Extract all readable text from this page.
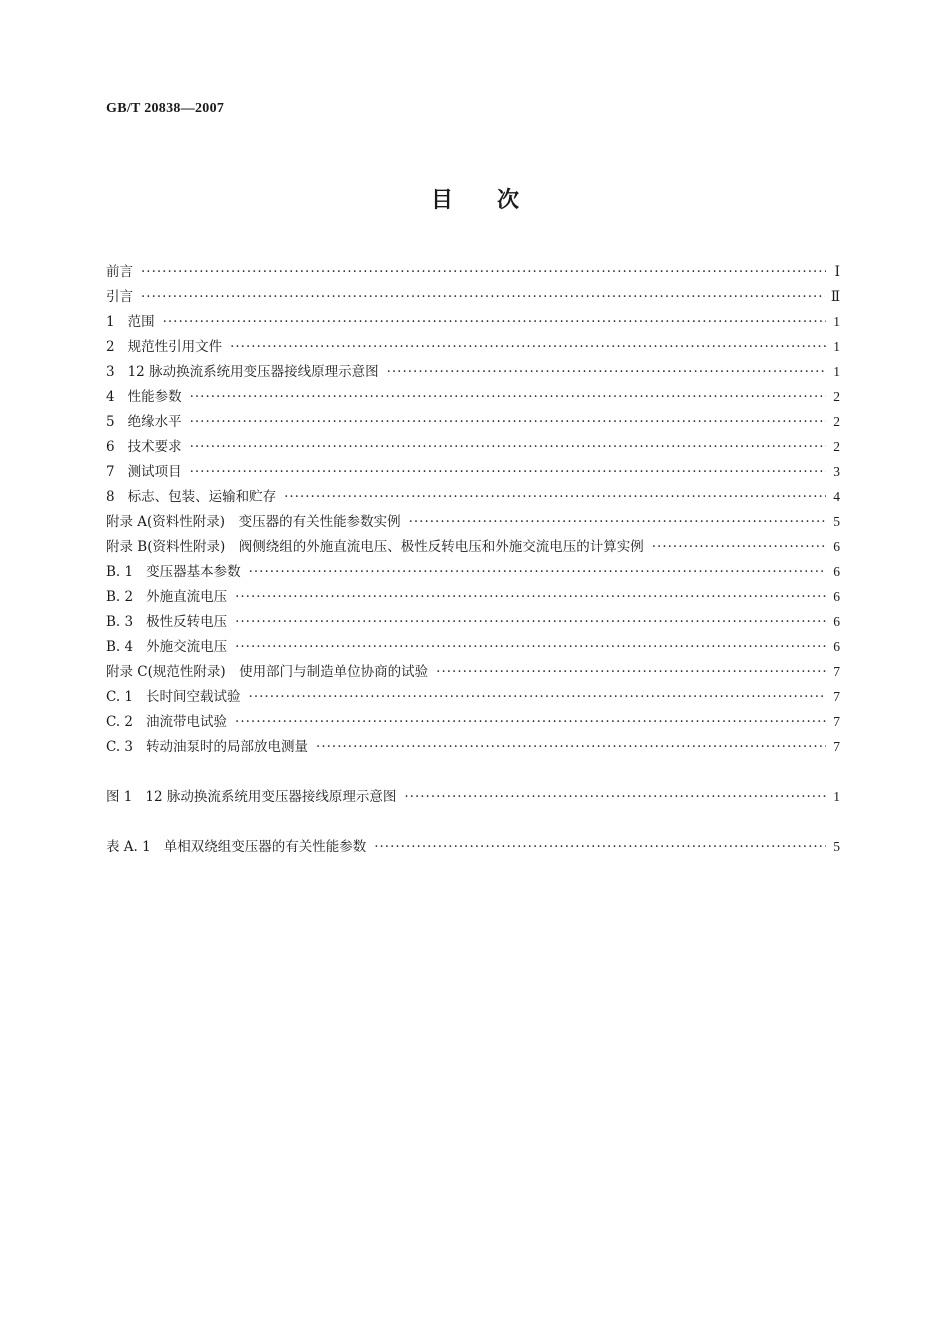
GB/T 20838—2007
目　　次
前言 ·····	Ⅰ
引言 ·····	Ⅱ
1 范围 ·····	1
2 规范性引用文件 ·····	1
3 12 脉动换流系统用变压器接线原理示意图 ·····	1
4 性能参数 ·····	2
5 绝缘水平 ·····	2
6 技术要求 ·····	2
7 测试项目 ·····	3
8 标志、包装、运输和贮存 ·····	4
附录 A(资料性附录)　变压器的有关性能参数实例 ·····	5
附录 B(资料性附录)　阀侧绕组的外施直流电压、极性反转电压和外施交流电压的计算实例 ·····	6
B. 1 变压器基本参数 ·····	6
B. 2 外施直流电压 ·····	6
B. 3 极性反转电压 ·····	6
B. 4 外施交流电压 ·····	6
附录 C(规范性附录)　使用部门与制造单位协商的试验 ·····	7
C. 1 长时间空载试验 ·····	7
C. 2 油流带电试验 ·····	7
C. 3 转动油泵时的局部放电测量 ·····	7
图 1 12 脉动换流系统用变压器接线原理示意图 ·····	1
表 A. 1 单相双绕组变压器的有关性能参数 ·····	5
